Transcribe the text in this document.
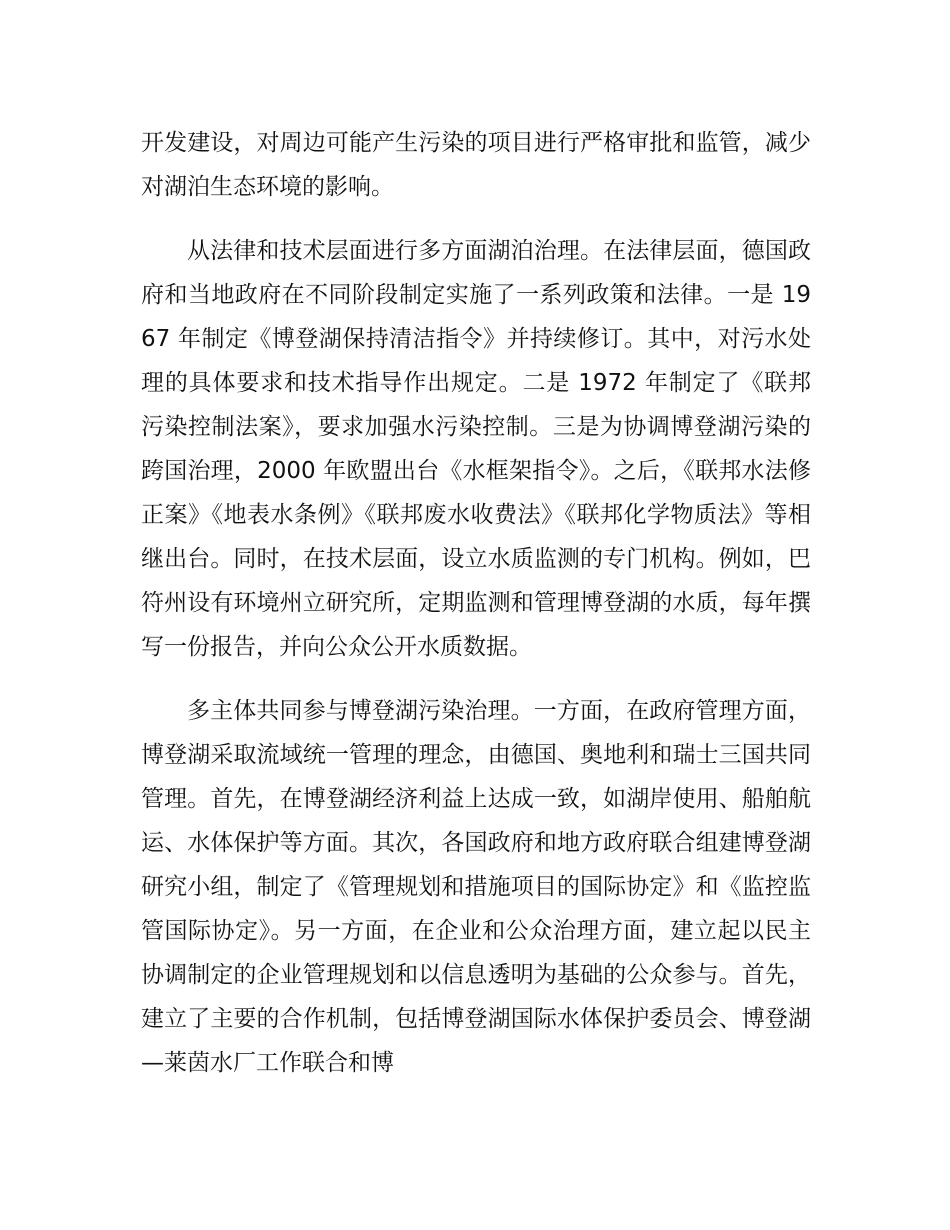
开发建设，对周边可能产生污染的项目进行严格审批和监管，减少对湖泊生态环境的影响。

从法律和技术层面进行多方面湖泊治理。在法律层面，德国政府和当地政府在不同阶段制定实施了一系列政策和法律。一是 1967 年制定《博登湖保持清洁指令》并持续修订。其中，对污水处理的具体要求和技术指导作出规定。二是 1972 年制定了《联邦污染控制法案》，要求加强水污染控制。三是为协调博登湖污染的跨国治理，2000 年欧盟出台《水框架指令》。之后，《联邦水法修正案》《地表水条例》《联邦废水收费法》《联邦化学物质法》等相继出台。同时，在技术层面，设立水质监测的专门机构。例如，巴符州设有环境州立研究所，定期监测和管理博登湖的水质，每年撰写一份报告，并向公众公开水质数据。

多主体共同参与博登湖污染治理。一方面，在政府管理方面，博登湖采取流域统一管理的理念，由德国、奥地利和瑞士三国共同管理。首先，在博登湖经济利益上达成一致，如湖岸使用、船舶航运、水体保护等方面。其次，各国政府和地方政府联合组建博登湖研究小组，制定了《管理规划和措施项目的国际协定》和《监控监管国际协定》。另一方面，在企业和公众治理方面，建立起以民主协调制定的企业管理规划和以信息透明为基础的公众参与。首先，建立了主要的合作机制，包括博登湖国际水体保护委员会、博登湖—莱茵水厂工作联合和博
